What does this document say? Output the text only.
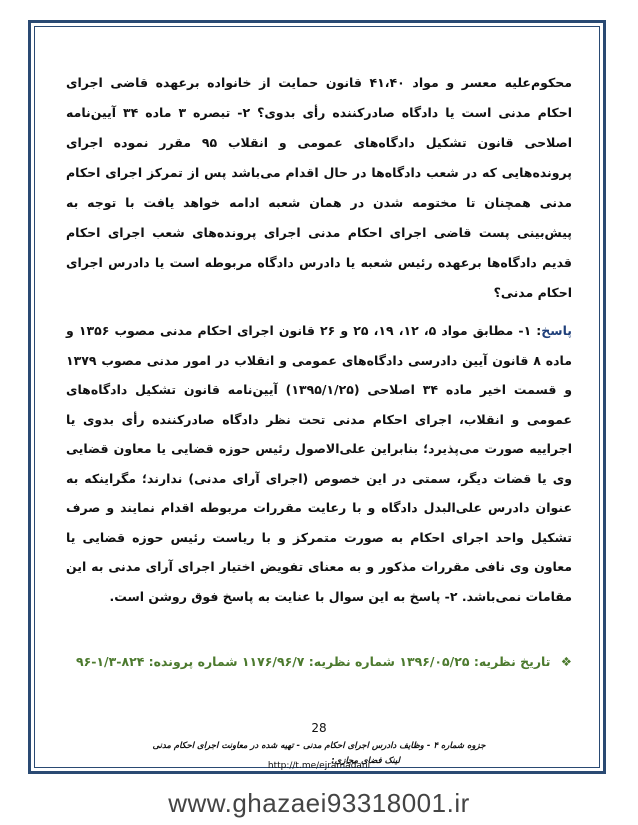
محکوم‌علیه معسر و مواد ۴۱،۴۰ قانون حمایت از خانواده برعهده قاضی اجرای احکام مدنی است یا دادگاه صادرکننده رأی بدوی؟ ۲- تبصره ۳ ماده ۳۴ آیین‌نامه اصلاحی قانون تشکیل دادگاه‌های عمومی و انقلاب ۹۵ مقرر نموده اجرای پرونده‌هایی که در شعب دادگاه‌ها در حال اقدام می‌باشد پس از تمرکز اجرای احکام مدنی همچنان تا مختومه شدن در همان شعبه ادامه خواهد یافت با توجه به پیش‌بینی پست قاضی اجرای احکام مدنی اجرای پرونده‌های شعب اجرای احکام قدیم دادگاه‌ها برعهده رئیس شعبه یا دادرس دادگاه مربوطه است یا دادرس اجرای احکام مدنی؟

پاسخ: ۱- مطابق مواد ۵، ۱۲، ۱۹، ۲۵ و ۲۶ قانون اجرای احکام مدنی مصوب ۱۳۵۶ و ماده ۸ قانون آیین دادرسی دادگاه‌های عمومی و انقلاب در امور مدنی مصوب ۱۳۷۹ و قسمت اخیر ماده ۳۴ اصلاحی (۱۳۹۵/۱/۲۵) آیین‌نامه قانون تشکیل دادگاه‌های عمومی و انقلاب، اجرای احکام مدنی تحت نظر دادگاه صادرکننده رأی بدوی یا اجراییه صورت می‌پذیرد؛ بنابراین علی‌الاصول رئیس حوزه قضایی یا معاون قضایی وی یا قضات دیگر، سمتی در این خصوص (اجرای آرای مدنی) ندارند؛ مگراینکه به عنوان دادرس علی‌البدل دادگاه و با رعایت مقررات مربوطه اقدام نمایند و صرف تشکیل واحد اجرای احکام به صورت متمرکز و با ریاست رئیس حوزه قضایی یا معاون وی نافی مقررات مذکور و به معنای تفویض اختیار اجرای آرای مدنی به این مقامات نمی‌باشد. ۲- پاسخ به این سوال با عنایت به پاسخ فوق روشن است.

❖ تاریخ نظریه: ۱۳۹۶/۰۵/۲۵ شماره نظریه: ۱۱۷۶/۹۶/۷ شماره پرونده: ۸۲۴-۱/۳-۹۶
28
جزوه شماره ۴ - وظایف دادرس اجرای احکام مدنی - تهیه شده در معاونت اجرای احکام مدنی
لینک فضای مجازی:
http://t.me/ejramadani
www.ghazaei93318001.ir
